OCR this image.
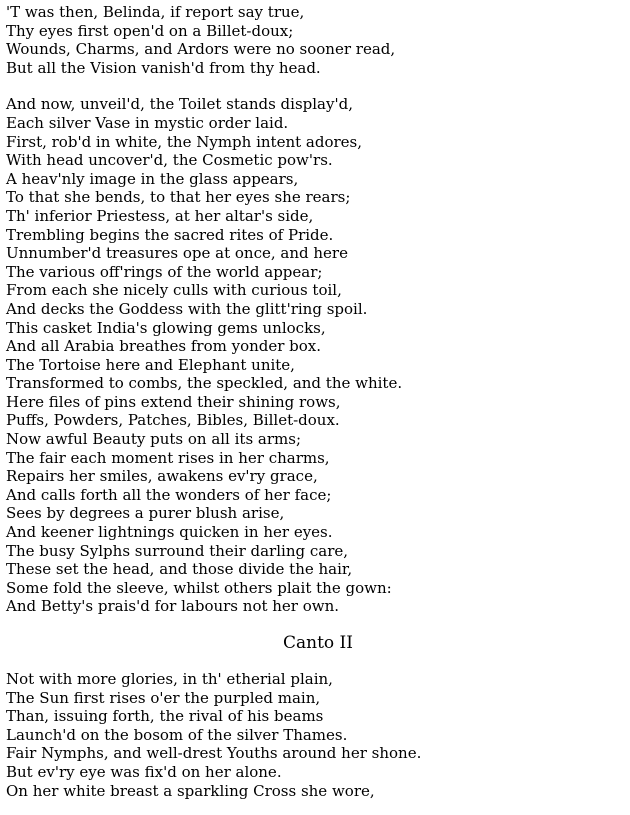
'T was then, Belinda, if report say true,
Thy eyes first open'd on a Billet-doux;
Wounds, Charms, and Ardors were no sooner read,
But all the Vision vanish'd from thy head.
And now, unveil'd, the Toilet stands display'd,
Each silver Vase in mystic order laid.
First, rob'd in white, the Nymph intent adores,
With head uncover'd, the Cosmetic pow'rs.
A heav'nly image in the glass appears,
To that she bends, to that her eyes she rears;
Th' inferior Priestess, at her altar's side,
Trembling begins the sacred rites of Pride.
Unnumber'd treasures ope at once, and here
The various off'rings of the world appear;
From each she nicely culls with curious toil,
And decks the Goddess with the glitt'ring spoil.
This casket India's glowing gems unlocks,
And all Arabia breathes from yonder box.
The Tortoise here and Elephant unite,
Transformed to combs, the speckled, and the white.
Here files of pins extend their shining rows,
Puffs, Powders, Patches, Bibles, Billet-doux.
Now awful Beauty puts on all its arms;
The fair each moment rises in her charms,
Repairs her smiles, awakens ev'ry grace,
And calls forth all the wonders of her face;
Sees by degrees a purer blush arise,
And keener lightnings quicken in her eyes.
The busy Sylphs surround their darling care,
These set the head, and those divide the hair,
Some fold the sleeve, whilst others plait the gown:
And Betty's prais'd for labours not her own.
Canto II
Not with more glories, in th' etherial plain,
The Sun first rises o'er the purpled main,
Than, issuing forth, the rival of his beams
Launch'd on the bosom of the silver Thames.
Fair Nymphs, and well-drest Youths around her shone.
But ev'ry eye was fix'd on her alone.
On her white breast a sparkling Cross she wore,
